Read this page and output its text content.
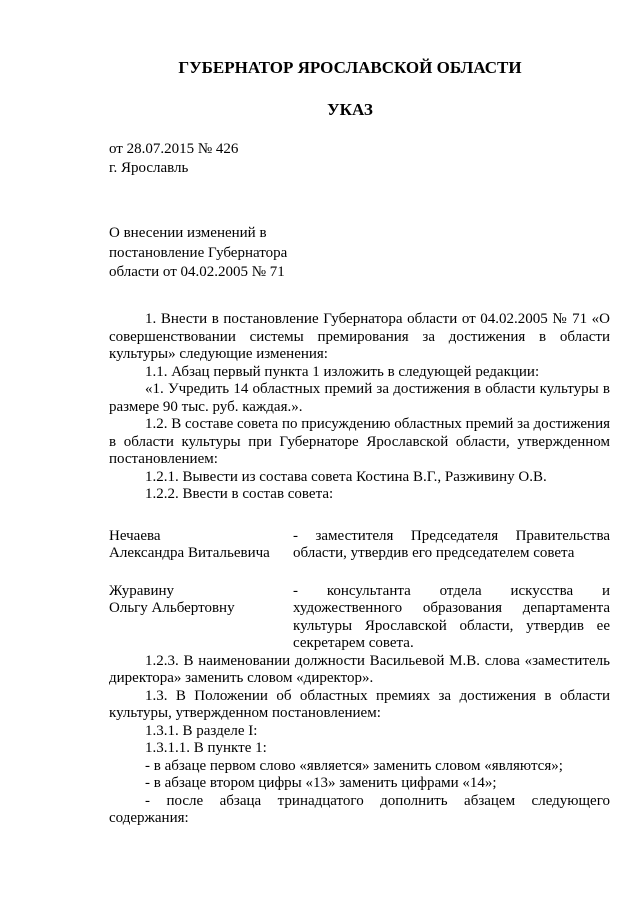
ГУБЕРНАТОР ЯРОСЛАВСКОЙ ОБЛАСТИ
УКАЗ
от 28.07.2015 № 426
г. Ярославль
О внесении изменений в
постановление Губернатора
области от 04.02.2005 № 71

1. Внести в постановление Губернатора области от 04.02.2005 № 71 «О совершенствовании системы премирования за достижения в области культуры» следующие изменения:

1.1. Абзац первый пункта 1 изложить в следующей редакции:

«1. Учредить 14 областных премий за достижения в области культуры в размере 90 тыс. руб. каждая.».

1.2. В составе совета по присуждению областных премий за достижения в области культуры при Губернаторе Ярославской области, утвержденном постановлением:

1.2.1. Вывести из состава совета Костина В.Г., Разживину О.В.

1.2.2. Ввести в состав совета:

Нечаева
Александра Витальевича
- заместителя Председателя Правительства области, утвердив его председателем совета
Журавину
Ольгу Альбертовну
- консультанта отдела искусства и художественного образования департамента культуры Ярославской области, утвердив ее секретарем совета.

1.2.3. В наименовании должности Васильевой М.В. слова «заместитель директора» заменить словом «директор».

1.3. В Положении об областных премиях за достижения в области культуры, утвержденном постановлением:

1.3.1. В разделе I:

1.3.1.1. В пункте 1:

- в абзаце первом слово «является» заменить словом «являются»;

- в абзаце втором цифры «13» заменить цифрами «14»;

- после абзаца тринадцатого дополнить абзацем следующего содержания:
